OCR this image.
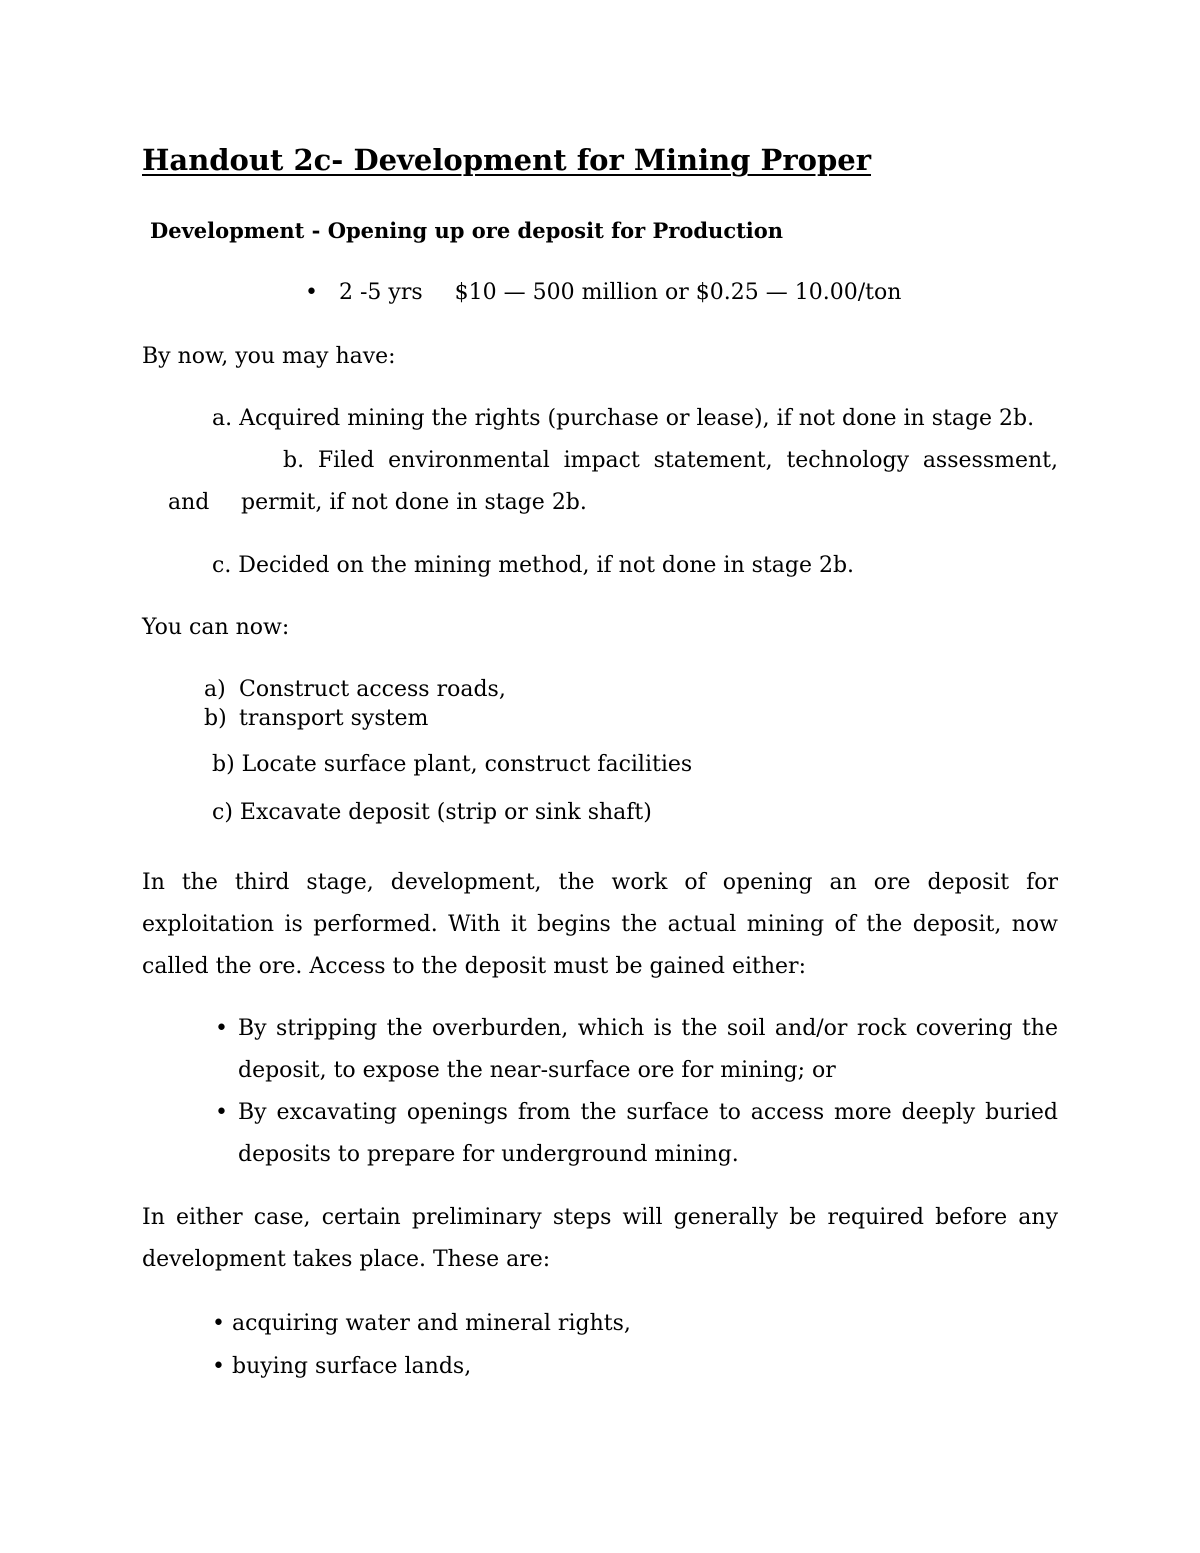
Handout 2c- Development for Mining Proper
Development - Opening up ore deposit for Production
• 2 -5 yrs $10 — 500 million or $0.25 — 10.00/ton
By now, you may have:
a. Acquired mining the rights (purchase or lease), if not done in stage 2b.
b. Filed environmental impact statement, technology assessment,
and permit, if not done in stage 2b.
c. Decided on the mining method, if not done in stage 2b.
You can now:
a) Construct access roads,
b) transport system
b) Locate surface plant, construct facilities
c) Excavate deposit (strip or sink shaft)
In the third stage, development, the work of opening an ore deposit for exploitation is performed. With it begins the actual mining of the deposit, now called the ore. Access to the deposit must be gained either:
• By stripping the overburden, which is the soil and/or rock covering the deposit, to expose the near-surface ore for mining; or
• By excavating openings from the surface to access more deeply buried deposits to prepare for underground mining.
In either case, certain preliminary steps will generally be required before any development takes place. These are:
• acquiring water and mineral rights,
• buying surface lands,
